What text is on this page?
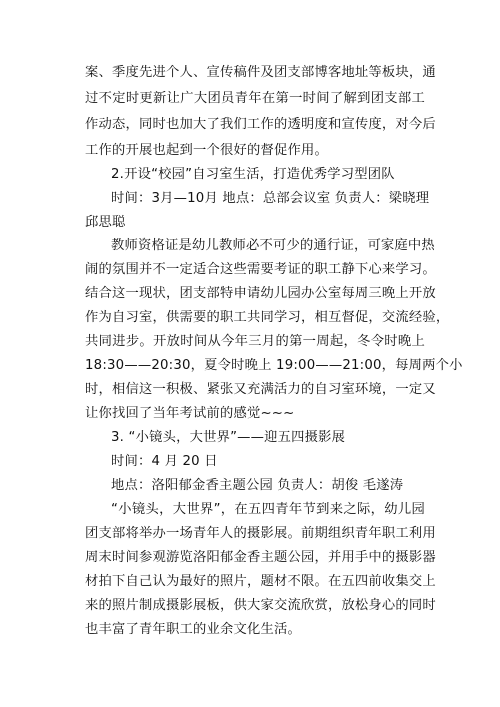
案、季度先进个人、宣传稿件及团支部博客地址等板块，通
过不定时更新让广大团员青年在第一时间了解到团支部工
作动态，同时也加大了我们工作的透明度和宣传度，对今后
工作的开展也起到一个很好的督促作用。
2.开设“校园”自习室生活，打造优秀学习型团队
时间：3月—10月 地点：总部会议室 负责人：梁晓理
邱思聪
教师资格证是幼儿教师必不可少的通行证，可家庭中热
闹的氛围并不一定适合这些需要考证的职工静下心来学习。
结合这一现状，团支部特申请幼儿园办公室每周三晚上开放
作为自习室，供需要的职工共同学习，相互督促，交流经验，
共同进步。开放时间从今年三月的第一周起，冬令时晚上
18:30——20:30，夏令时晚上 19:00——21:00，每周两个小
时，相信这一积极、紧张又充满活力的自习室环境，一定又
让你找回了当年考试前的感觉~~~
3. “小镜头，大世界”——迎五四摄影展
时间：4 月 20 日
地点：洛阳郁金香主题公园 负责人：胡俊 毛遂涛
“小镜头，大世界”，在五四青年节到来之际，幼儿园
团支部将举办一场青年人的摄影展。前期组织青年职工利用
周末时间参观游览洛阳郁金香主题公园，并用手中的摄影器
材拍下自己认为最好的照片，题材不限。在五四前收集交上
来的照片制成摄影展板，供大家交流欣赏，放松身心的同时
也丰富了青年职工的业余文化生活。
